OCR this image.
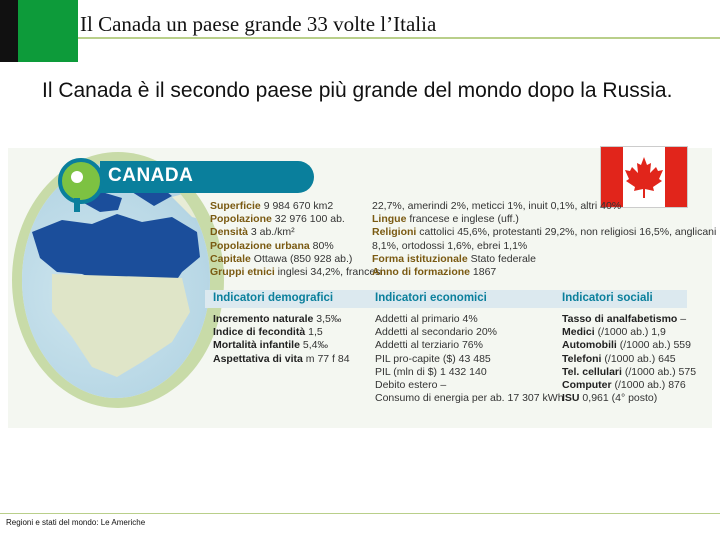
Il Canada un paese grande 33 volte l’Italia
Il Canada è il secondo paese più grande del mondo dopo la Russia.
CANADA
Superficie 9 984 670 km2
Popolazione 32 976 100 ab.
Densità 3 ab./km²
Popolazione urbana 80%
Capitale Ottawa (850 928 ab.)
Gruppi etnici inglesi 34,2%, francesi
22,7%, amerindi 2%, meticci 1%, inuit 0,1%, altri 40%
Lingue francese e inglese (uff.)
Religioni cattolici 45,6%, protestanti 29,2%, non religiosi 16,5%, anglicani
8,1%, ortodossi 1,6%, ebrei 1,1%
Forma istituzionale Stato federale
Anno di formazione 1867
Indicatori demografici	Indicatori economici	Indicatori sociali
Incremento naturale 3,5‰
Indice di fecondità 1,5
Mortalità infantile 5,4‰
Aspettativa di vita m 77 f 84
Addetti al primario 4%
Addetti al secondario 20%
Addetti al terziario 76%
PIL pro-capite ($) 43 485
PIL (mln di $) 1 432 140
Debito estero –
Consumo di energia per ab. 17 307 kWh
Tasso di analfabetismo –
Medici (/1000 ab.) 1,9
Automobili (/1000 ab.) 559
Telefoni (/1000 ab.) 645
Tel. cellulari (/1000 ab.) 575
Computer (/1000 ab.) 876
ISU 0,961 (4° posto)
Regioni e stati del mondo: Le Americhe
